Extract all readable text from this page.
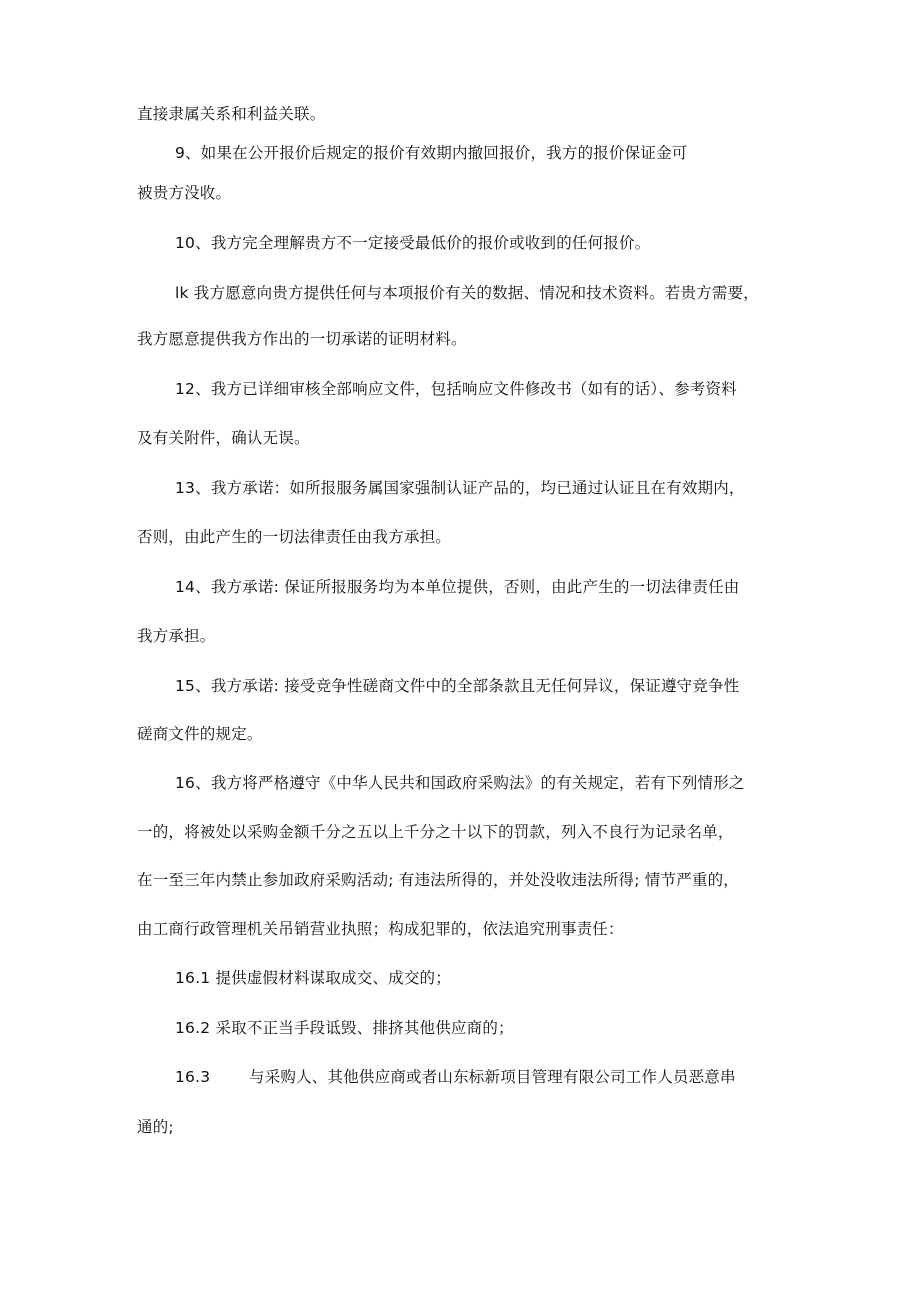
直接隶属关系和利益关联。
9、如果在公开报价后规定的报价有效期内撤回报价，我方的报价保证金可
被贵方没收。
10、我方完全理解贵方不一定接受最低价的报价或收到的任何报价。
lk 我方愿意向贵方提供任何与本项报价有关的数据、情况和技术资料。若贵方需要，
我方愿意提供我方作出的一切承诺的证明材料。
12、我方已详细审核全部响应文件，包括响应文件修改书（如有的话）、参考资料
及有关附件，确认无误。
13、我方承诺：如所报服务属国家强制认证产品的，均已通过认证且在有效期内，
否则，由此产生的一切法律责任由我方承担。
14、我方承诺: 保证所报服务均为本单位提供，否则，由此产生的一切法律责任由
我方承担。
15、我方承诺: 接受竞争性磋商文件中的全部条款且无任何异议，保证遵守竞争性
磋商文件的规定。
16、我方将严格遵守《中华人民共和国政府采购法》的有关规定，若有下列情形之
一的，将被处以采购金额千分之五以上千分之十以下的罚款，列入不良行为记录名单，
在一至三年内禁止参加政府采购活动; 有违法所得的，并处没收违法所得; 情节严重的，
由工商行政管理机关吊销营业执照；构成犯罪的，依法追究刑事责任：
16.1 提供虚假材料谋取成交、成交的；
16.2 采取不正当手段诋毁、排挤其他供应商的；
16.3 与采购人、其他供应商或者山东标新项目管理有限公司工作人员恶意串
通的;
